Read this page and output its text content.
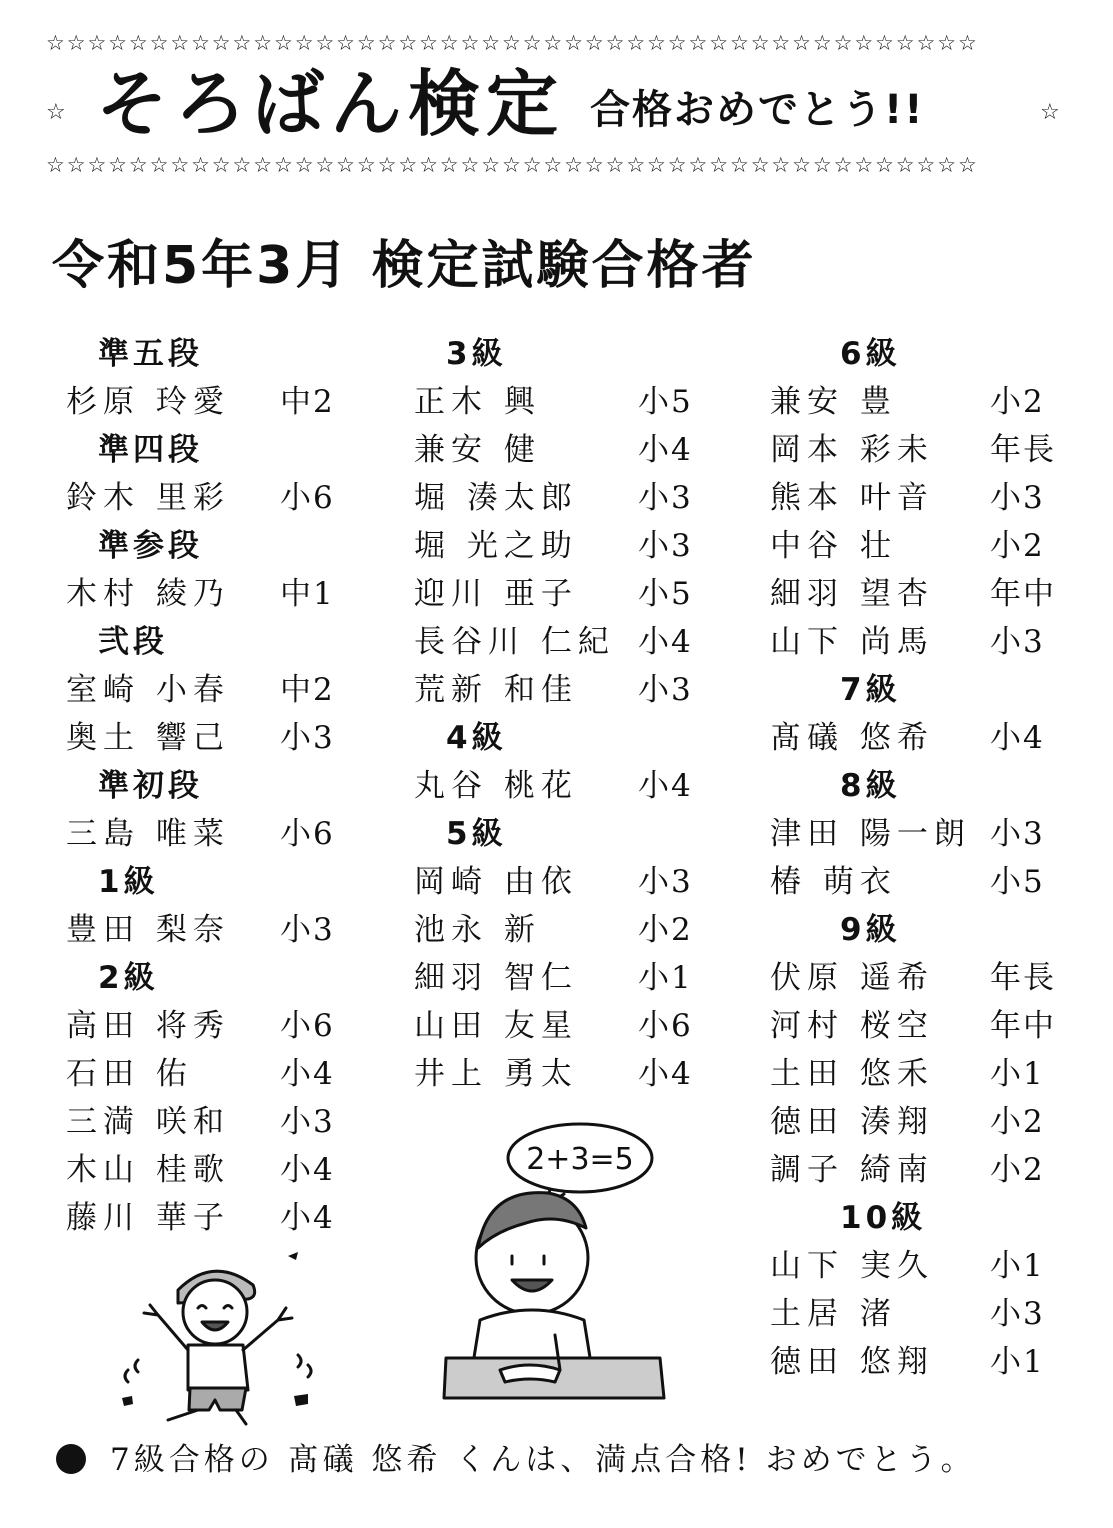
☆☆☆☆☆☆☆☆☆☆☆☆☆☆☆☆☆☆☆☆☆☆☆☆☆☆☆☆☆☆☆☆☆☆☆☆☆☆☆☆☆☆☆☆☆
☆ そろばん検定 合格おめでとう!!	☆
☆☆☆☆☆☆☆☆☆☆☆☆☆☆☆☆☆☆☆☆☆☆☆☆☆☆☆☆☆☆☆☆☆☆☆☆☆☆☆☆☆☆☆☆☆
令和5年3月 検定試験合格者
準五段
杉原 玲愛 中2
準四段
鈴木 里彩 小6
準参段
木村 綾乃 中1
弐段
室崎 小春 中2
奥土 響己 小3
準初段
三島 唯菜 小6
1級
豊田 梨奈 小3
2級
高田 将秀 小6
石田 佑	小4
三満 咲和 小3
木山 桂歌 小4
藤川 華子 小4
3級
正木 興	小5
兼安 健	小4
堀 湊太郎 小3
堀 光之助 小3
迎川 亜子 小5
長谷川 仁紀 小4
荒新 和佳 小3
4級
丸谷 桃花 小4
5級
岡崎 由依 小3
池永 新	小2
細羽 智仁 小1
山田 友星 小6
井上 勇太 小4
6級
兼安 豊	小2
岡本 彩未 年長
熊本 叶音 小3
中谷 壮	小2
細羽 望杏 年中
山下 尚馬 小3
7級
髙礒 悠希 小4
8級
津田 陽一朗 小3
椿 萌衣	小5
9級
伏原 遥希 年長
河村 桜空 年中
土田 悠禾 小1
徳田 湊翔 小2
調子 綺南 小2
10級
山下 実久 小1
土居 渚	小3
徳田 悠翔 小1
2+3=5
7級合格の 髙礒 悠希 くんは、満点合格! おめでとう。
